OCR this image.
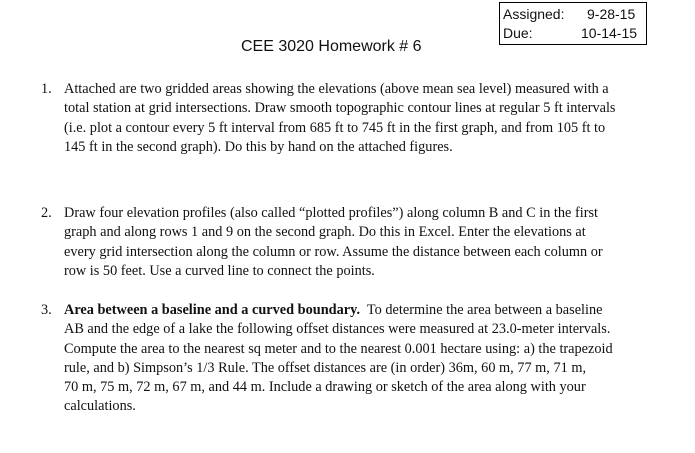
Assigned: 9-28-15
Due:	10-14-15
CEE 3020 Homework # 6
1. Attached are two gridded areas showing the elevations (above mean sea level) measured with a
total station at grid intersections. Draw smooth topographic contour lines at regular 5 ft intervals
(i.e. plot a contour every 5 ft interval from 685 ft to 745 ft in the first graph, and from 105 ft to
145 ft in the second graph). Do this by hand on the attached figures.
2. Draw four elevation profiles (also called “plotted profiles”) along column B and C in the first
graph and along rows 1 and 9 on the second graph. Do this in Excel. Enter the elevations at
every grid intersection along the column or row. Assume the distance between each column or
row is 50 feet. Use a curved line to connect the points.
3. Area between a baseline and a curved boundary.  To determine the area between a baseline
AB and the edge of a lake the following offset distances were measured at 23.0-meter intervals.
Compute the area to the nearest sq meter and to the nearest 0.001 hectare using: a) the trapezoid
rule, and b) Simpson’s 1/3 Rule. The offset distances are (in order) 36m, 60 m, 77 m, 71 m,
70 m, 75 m, 72 m, 67 m, and 44 m. Include a drawing or sketch of the area along with your
calculations.
